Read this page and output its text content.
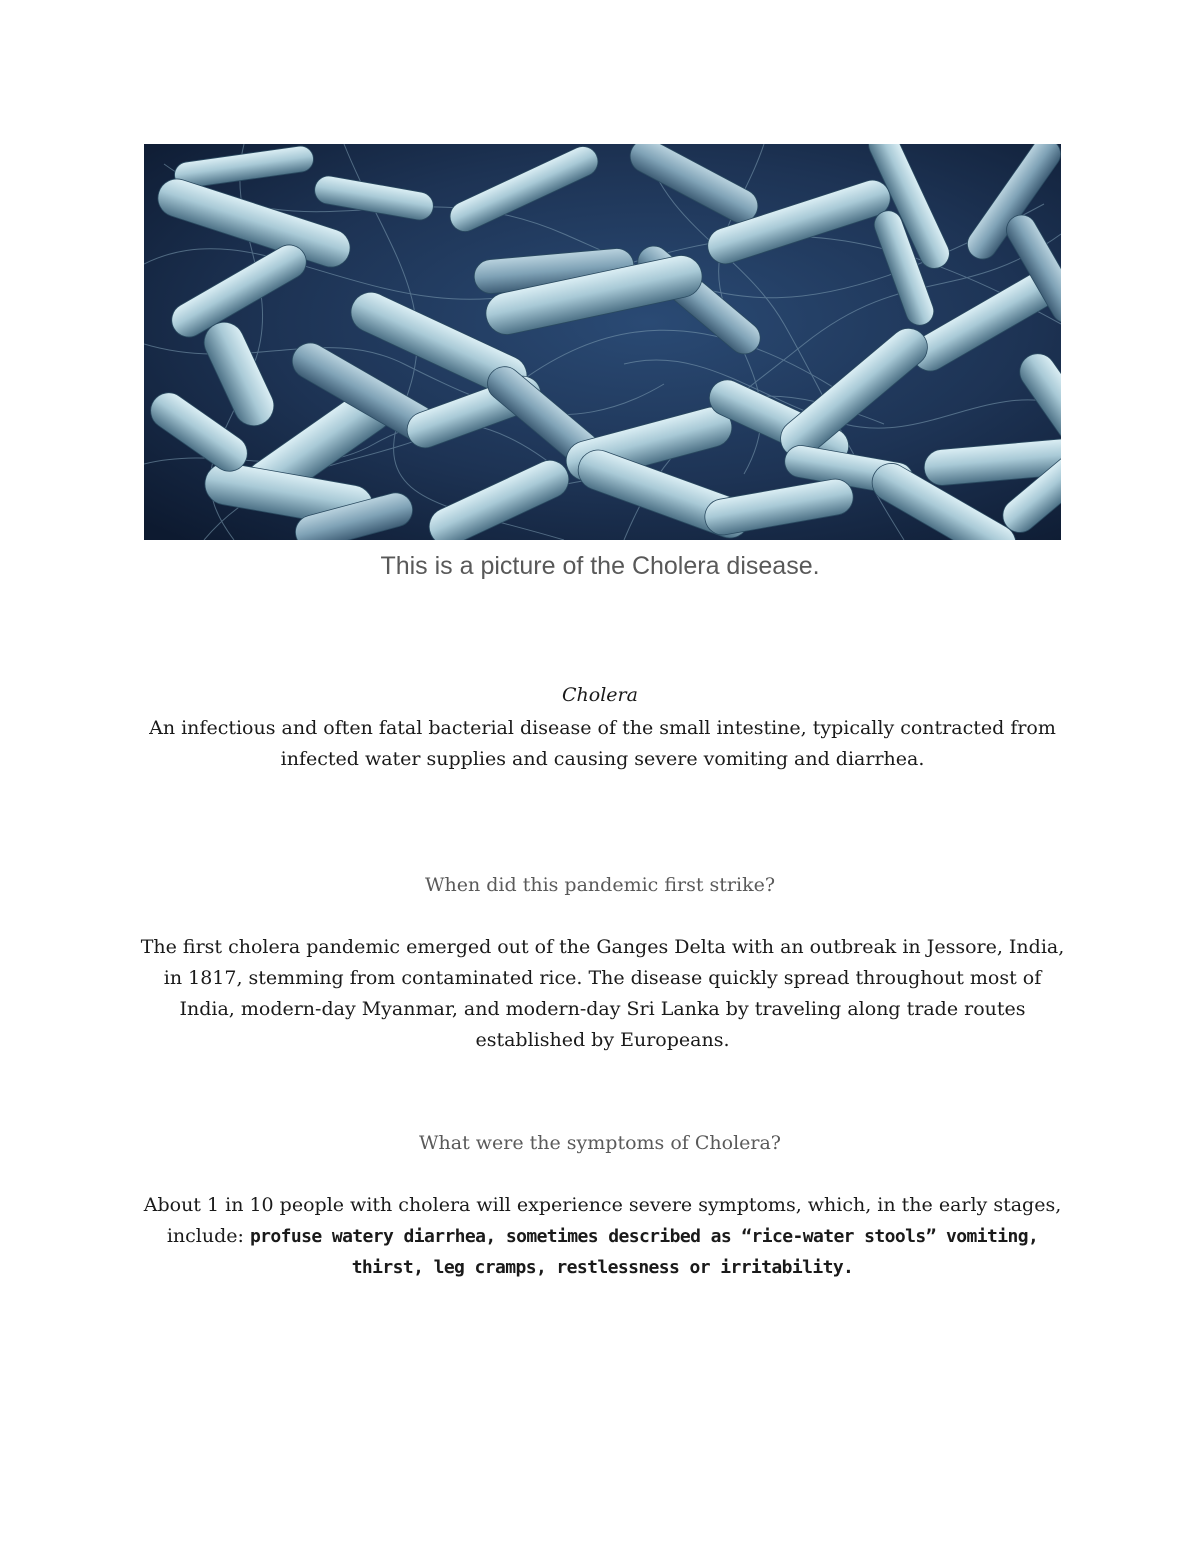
This is a picture of the Cholera disease.
Cholera
An infectious and often fatal bacterial disease of the small intestine, typically contracted from infected water supplies and causing severe vomiting and diarrhea.
When did this pandemic first strike?
The first cholera pandemic emerged out of the Ganges Delta with an outbreak in Jessore, India, in 1817, stemming from contaminated rice. The disease quickly spread throughout most of India, modern-day Myanmar, and modern-day Sri Lanka by traveling along trade routes established by Europeans.
What were the symptoms of Cholera?
About 1 in 10 people with cholera will experience severe symptoms, which, in the early stages, include: profuse watery diarrhea, sometimes described as “rice-water stools” vomiting, thirst, leg cramps, restlessness or irritability.
